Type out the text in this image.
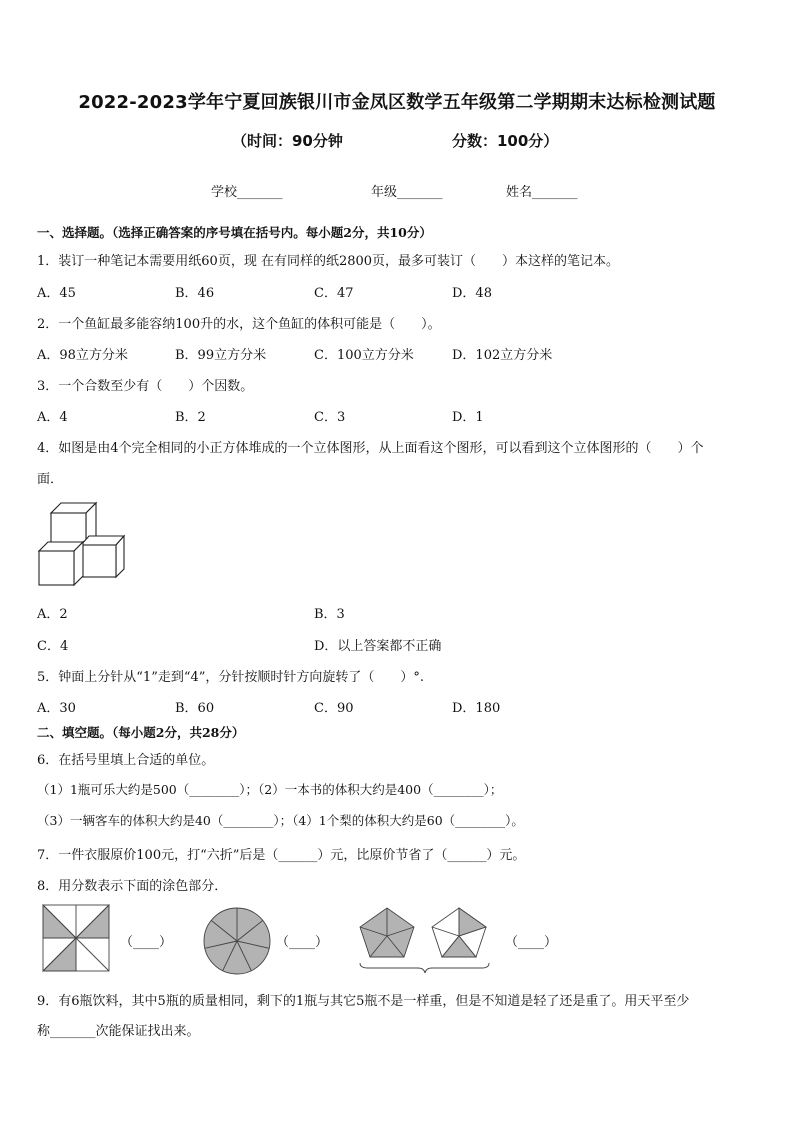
2022-2023学年宁夏回族银川市金凤区数学五年级第二学期期末达标检测试题
（时间：90分钟	分数：100分）
学校_______	年级_______	姓名_______
一、选择题。（选择正确答案的序号填在括号内。每小题2分，共10分）
1．装订一种笔记本需要用纸60页，现 在有同样的纸2800页，最多可装订（　　）本这样的笔记本。
A．45	B．46	C．47	D．48
2．一个鱼缸最多能容纳100升的水，这个鱼缸的体积可能是（　　）。
A．98立方分米	B．99立方分米	C．100立方分米	D．102立方分米
3．一个合数至少有（　　）个因数。
A．4	B．2	C．3	D．1
4．如图是由4个完全相同的小正方体堆成的一个立体图形，从上面看这个图形，可以看到这个立体图形的（　　）个
面．
A．2	B．3
C．4	D．以上答案都不正确
5．钟面上分针从“1”走到“4”，分针按顺时针方向旋转了（　　）°.
A．30	B．60	C．90	D．180
二、填空题。（每小题2分，共28分）
6．在括号里填上合适的单位。
（1）1瓶可乐大约是500（________）；（2）一本书的体积大约是400（________）；
（3）一辆客车的体积大约是40（________）；（4）1个梨的体积大约是60（________）。
7．一件衣服原价100元，打“六折”后是（______）元，比原价节省了（______）元。
8．用分数表示下面的涂色部分．
（____）	（____）	（____）
9．有6瓶饮料，其中5瓶的质量相同，剩下的1瓶与其它5瓶不是一样重，但是不知道是轻了还是重了。用天平至少
称_______次能保证找出来。
